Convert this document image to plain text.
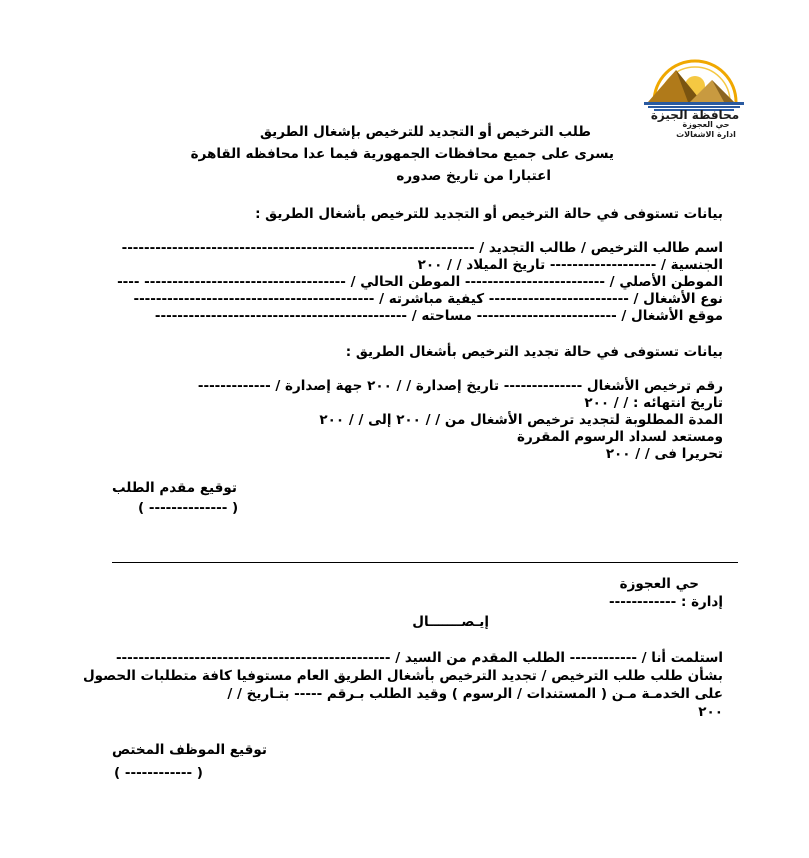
محافظة الجيزة
حي العجوزة
ادارة الاشغالات
طلب الترخيص أو التجديد للترخيص بإشغال الطريق
يسرى على جميع محافظات الجمهورية فيما عدا محافظه القاهرة
اعتبارا من تاريخ صدوره
بيانات تستوفى في حالة الترخيص أو التجديد للترخيص بأشغال الطريق :
اسم طالب الترخيص / طالب التجديد / ---------------------------------------------------------------
الجنسية / ------------------- تاريخ الميلاد / / ٢٠٠
الموطن الأصلي / ------------------------- الموطن الحالي / ------------------------------------ ----
نوع الأشغال / ------------------------- كيفية مباشرته / -------------------------------------------
موقع الأشغال / ------------------------- مساحته / ---------------------------------------------
بيانات تستوفى في حالة تجديد الترخيص بأشغال الطريق :
رقم ترخيص الأشغال -------------- تاريخ إصدارة / / ٢٠٠ جهة إصدارة / -------------
تاريخ انتهائه : / / ٢٠٠
المدة المطلوبة لتجديد ترخيص الأشغال من / / ٢٠٠ إلى / / ٢٠٠
ومستعد لسداد الرسوم المقررة
تحريرا فى / / ٢٠٠
توقيع مقدم الطلب
( -------------- )
حي العجوزة
إدارة : ------------
إيـصـــــــال
استلمت أنا / ------------ الطلب المقدم من السيد / -------------------------------------------------
بشأن طلب طلب الترخيص / تجديد الترخيص بأشغال الطريق العام مستوفيا كافة متطلبات الحصول
على الخدمـة مـن ( المستندات / الرسوم ) وقيد الطلب بـرقم ----- بتـاريخ / /
٢٠٠
توقيع الموظف المختص
( ------------ )
